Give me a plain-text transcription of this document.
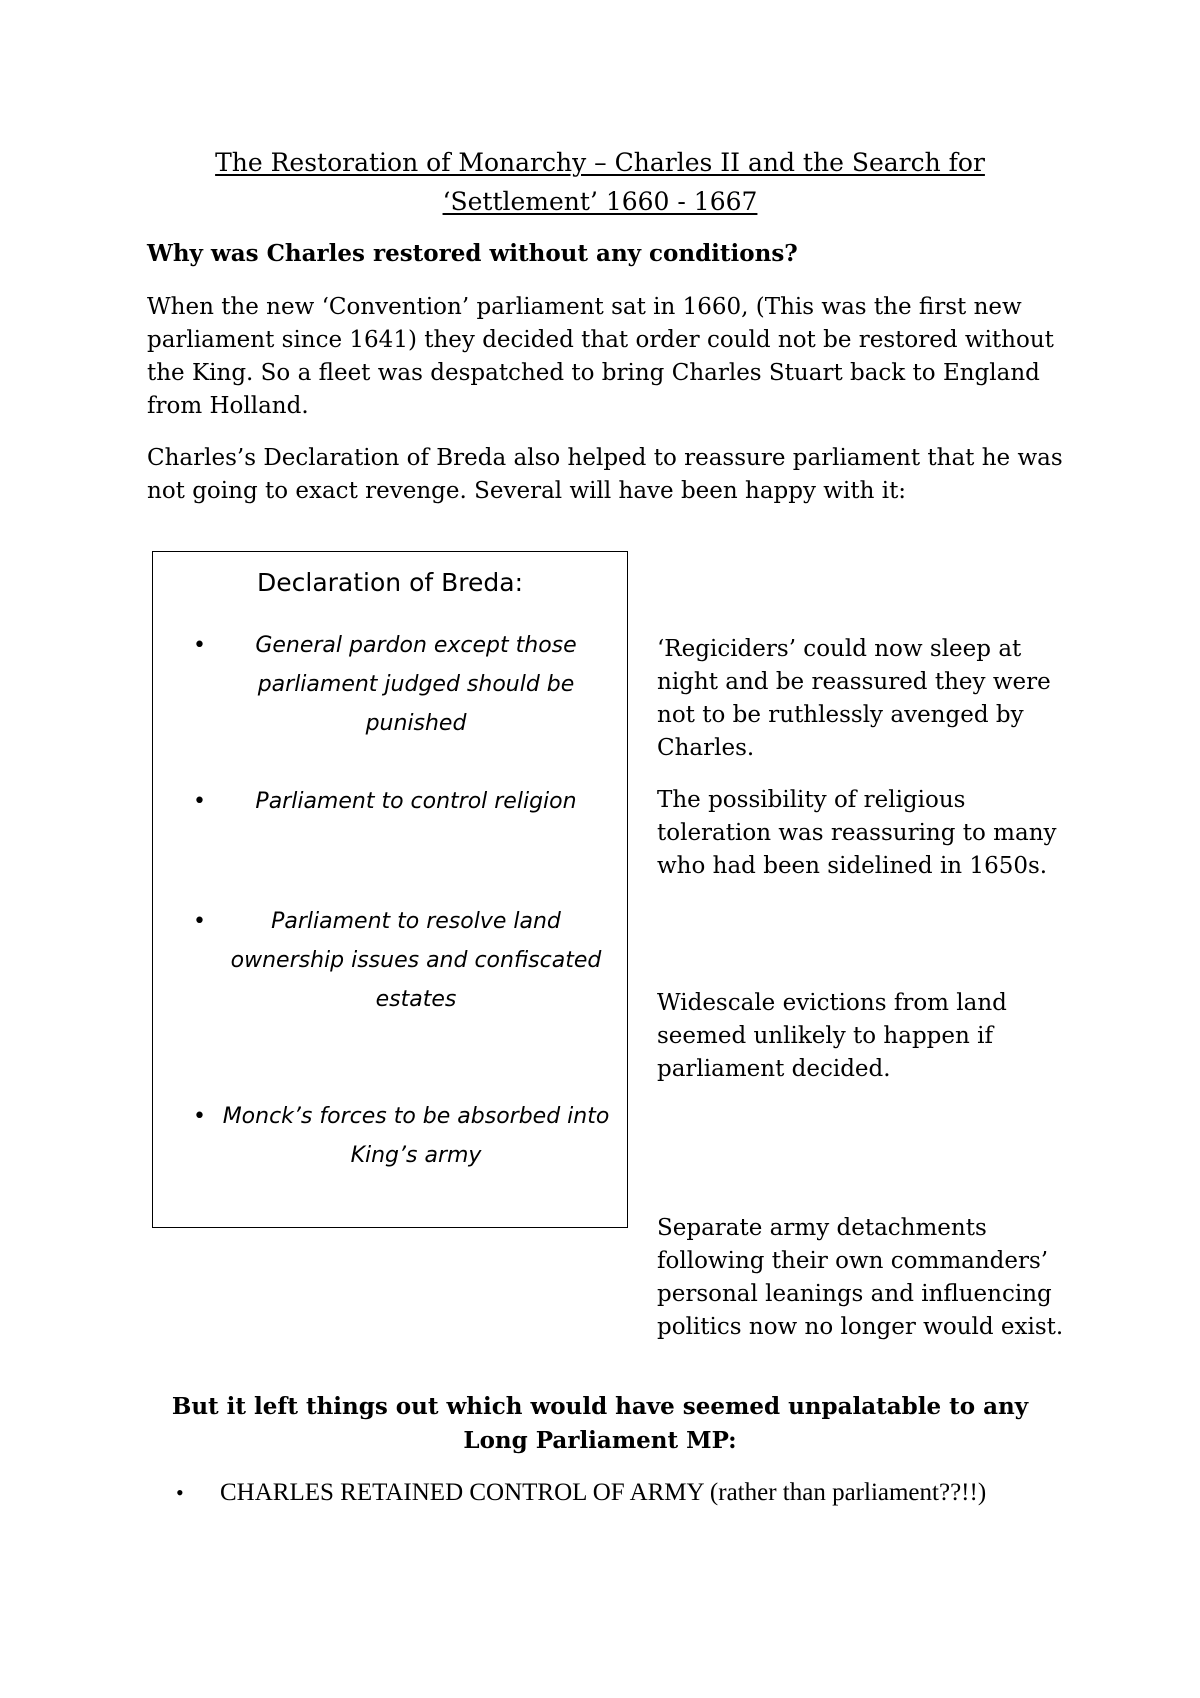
The Restoration of Monarchy – Charles II and the Search for
‘Settlement’ 1660 - 1667

Why was Charles restored without any conditions?

When the new ‘Convention’ parliament sat in 1660, (This was the first new parliament since 1641) they decided that order could not be restored without the King. So a fleet was despatched to bring Charles Stuart back to England from Holland.

Charles’s Declaration of Breda also helped to reassure parliament that he was not going to exact revenge. Several will have been happy with it:

Declaration of Breda:
•	General pardon except those parliament judged should be punished
•	Parliament to control religion
•	Parliament to resolve land ownership issues and confiscated estates
• Monck’s forces to be absorbed into King’s army

‘Regiciders’ could now sleep at night and be reassured they were not to be ruthlessly avenged by Charles.

The possibility of religious toleration was reassuring to many who had been sidelined in 1650s.

Widescale evictions from land seemed unlikely to happen if parliament decided.

Separate army detachments following their own commanders’ personal leanings and influencing politics now no longer would exist.

But it left things out which would have seemed unpalatable to any Long Parliament MP:

• CHARLES RETAINED CONTROL OF ARMY (rather than parliament??!!)
